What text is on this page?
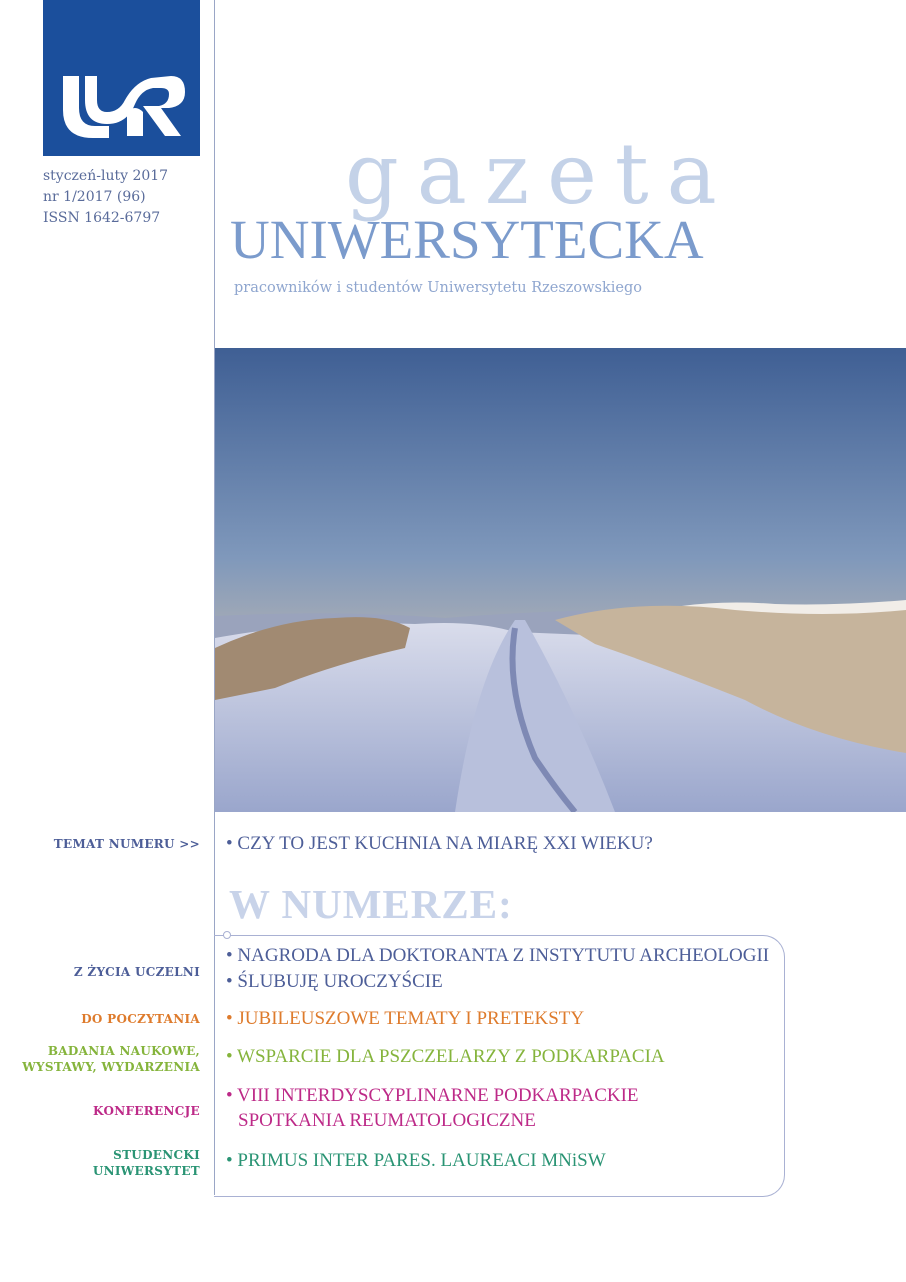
styczeń-luty 2017
nr 1/2017 (96)
ISSN 1642-6797 gazeta
UNIWERSYTECKA
pracowników i studentów Uniwersytetu Rzeszowskiego
TEMAT NUMERU >> • CZY TO JEST KUCHNIA NA MIARĘ XXI WIEKU?
W NUMERZE:
Z ŻYCIA UCZELNI
• NAGRODA DLA DOKTORANTA Z INSTYTUTU ARCHEOLOGII
• ŚLUBUJĘ UROCZYŚCIE
DO POCZYTANIA • JUBILEUSZOWE TEMATY I PRETEKSTY
BADANIA NAUKOWE,
WYSTAWY, WYDARZENIA • WSPARCIE DLA PSZCZELARZY Z PODKARPACIA
KONFERENCJE
• VIII INTERDYSCYPLINARNE PODKARPACKIE
SPOTKANIA REUMATOLOGICZNE
STUDENCKI
UNIWERSYTET • PRIMUS INTER PARES. LAUREACI MNiSW
